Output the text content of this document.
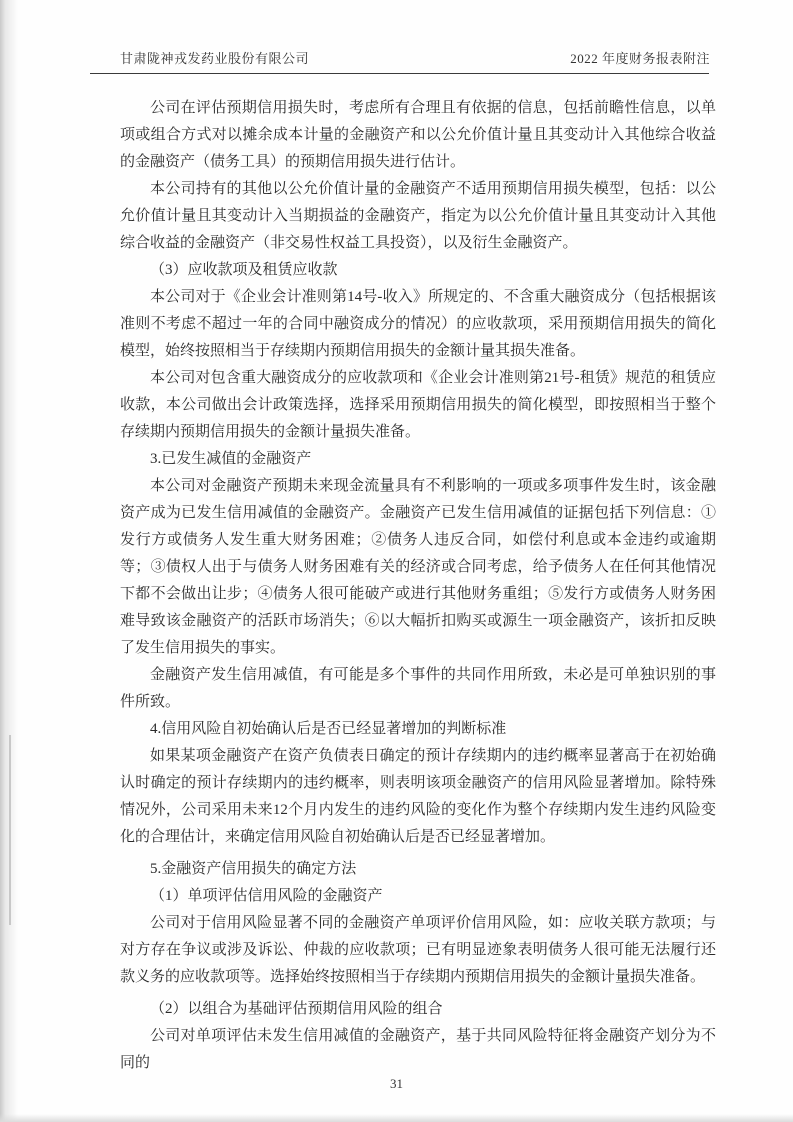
甘肃陇神戎发药业股份有限公司	2022 年度财务报表附注

公司在评估预期信用损失时，考虑所有合理且有依据的信息，包括前瞻性信息，以单项或组合方式对以摊余成本计量的金融资产和以公允价值计量且其变动计入其他综合收益的金融资产（债务工具）的预期信用损失进行估计。

本公司持有的其他以公允价值计量的金融资产不适用预期信用损失模型，包括：以公允价值计量且其变动计入当期损益的金融资产，指定为以公允价值计量且其变动计入其他综合收益的金融资产（非交易性权益工具投资），以及衍生金融资产。

（3）应收款项及租赁应收款

本公司对于《企业会计准则第14号-收入》所规定的、不含重大融资成分（包括根据该准则不考虑不超过一年的合同中融资成分的情况）的应收款项，采用预期信用损失的简化模型，始终按照相当于存续期内预期信用损失的金额计量其损失准备。

本公司对包含重大融资成分的应收款项和《企业会计准则第21号-租赁》规范的租赁应收款，本公司做出会计政策选择，选择采用预期信用损失的简化模型，即按照相当于整个存续期内预期信用损失的金额计量损失准备。

3.已发生减值的金融资产

本公司对金融资产预期未来现金流量具有不利影响的一项或多项事件发生时，该金融资产成为已发生信用减值的金融资产。金融资产已发生信用减值的证据包括下列信息：①发行方或债务人发生重大财务困难；②债务人违反合同，如偿付利息或本金违约或逾期等；③债权人出于与债务人财务困难有关的经济或合同考虑，给予债务人在任何其他情况下都不会做出让步；④债务人很可能破产或进行其他财务重组；⑤发行方或债务人财务困难导致该金融资产的活跃市场消失；⑥以大幅折扣购买或源生一项金融资产，该折扣反映了发生信用损失的事实。

金融资产发生信用减值，有可能是多个事件的共同作用所致，未必是可单独识别的事件所致。

4.信用风险自初始确认后是否已经显著增加的判断标准

如果某项金融资产在资产负债表日确定的预计存续期内的违约概率显著高于在初始确认时确定的预计存续期内的违约概率，则表明该项金融资产的信用风险显著增加。除特殊情况外，公司采用未来12个月内发生的违约风险的变化作为整个存续期内发生违约风险变化的合理估计，来确定信用风险自初始确认后是否已经显著增加。

5.金融资产信用损失的确定方法

（1）单项评估信用风险的金融资产

公司对于信用风险显著不同的金融资产单项评价信用风险，如：应收关联方款项；与对方存在争议或涉及诉讼、仲裁的应收款项；已有明显迹象表明债务人很可能无法履行还款义务的应收款项等。选择始终按照相当于存续期内预期信用损失的金额计量损失准备。

（2）以组合为基础评估预期信用风险的组合

公司对单项评估未发生信用减值的金融资产，基于共同风险特征将金融资产划分为不同的

31
